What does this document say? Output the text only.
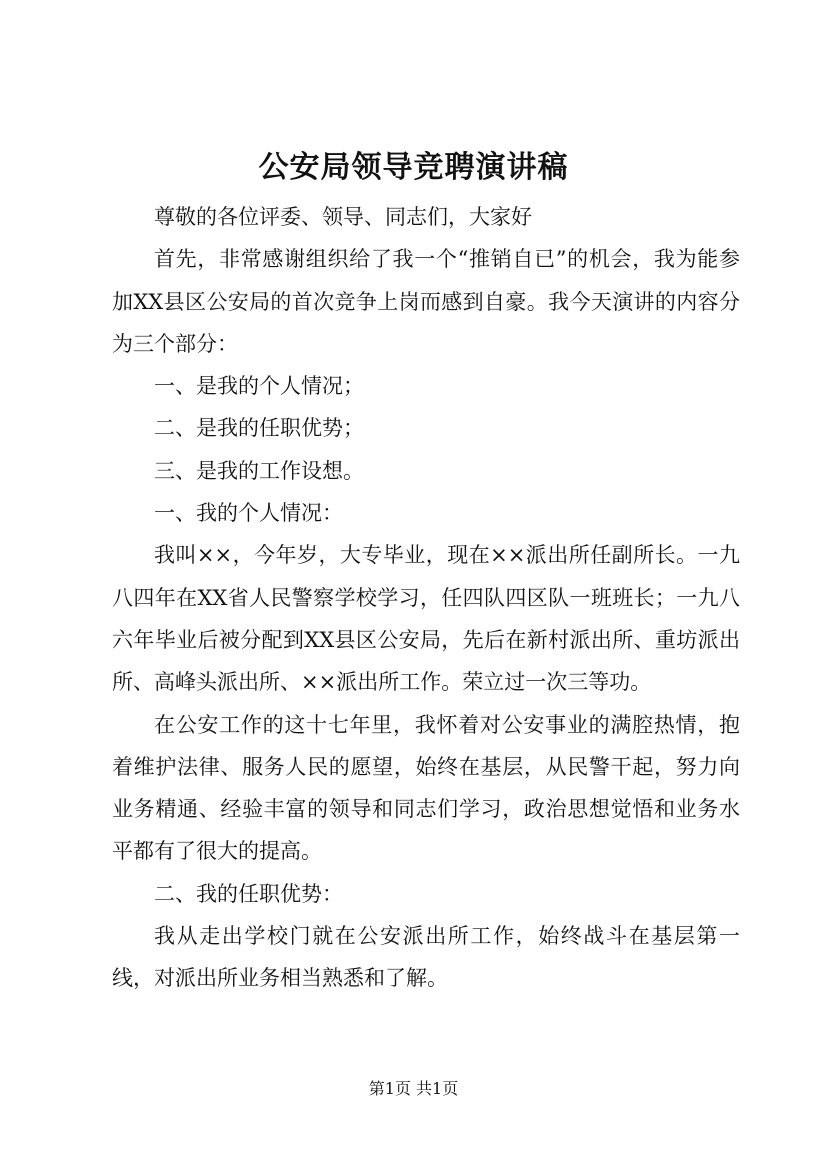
公安局领导竞聘演讲稿

尊敬的各位评委、领导、同志们，大家好

首先，非常感谢组织给了我一个“推销自已”的机会，我为能参加XX县区公安局的首次竞争上岗而感到自豪。我今天演讲的内容分为三个部分：

一、是我的个人情况；

二、是我的任职优势；

三、是我的工作设想。

一、我的个人情况：

我叫××，今年岁，大专毕业，现在××派出所任副所长。一九八四年在XX省人民警察学校学习，任四队四区队一班班长；一九八六年毕业后被分配到XX县区公安局，先后在新村派出所、重坊派出所、高峰头派出所、××派出所工作。荣立过一次三等功。

在公安工作的这十七年里，我怀着对公安事业的满腔热情，抱着维护法律、服务人民的愿望，始终在基层，从民警干起，努力向业务精通、经验丰富的领导和同志们学习，政治思想觉悟和业务水平都有了很大的提高。

二、我的任职优势：

我从走出学校门就在公安派出所工作，始终战斗在基层第一线，对派出所业务相当熟悉和了解。

第1页 共1页
